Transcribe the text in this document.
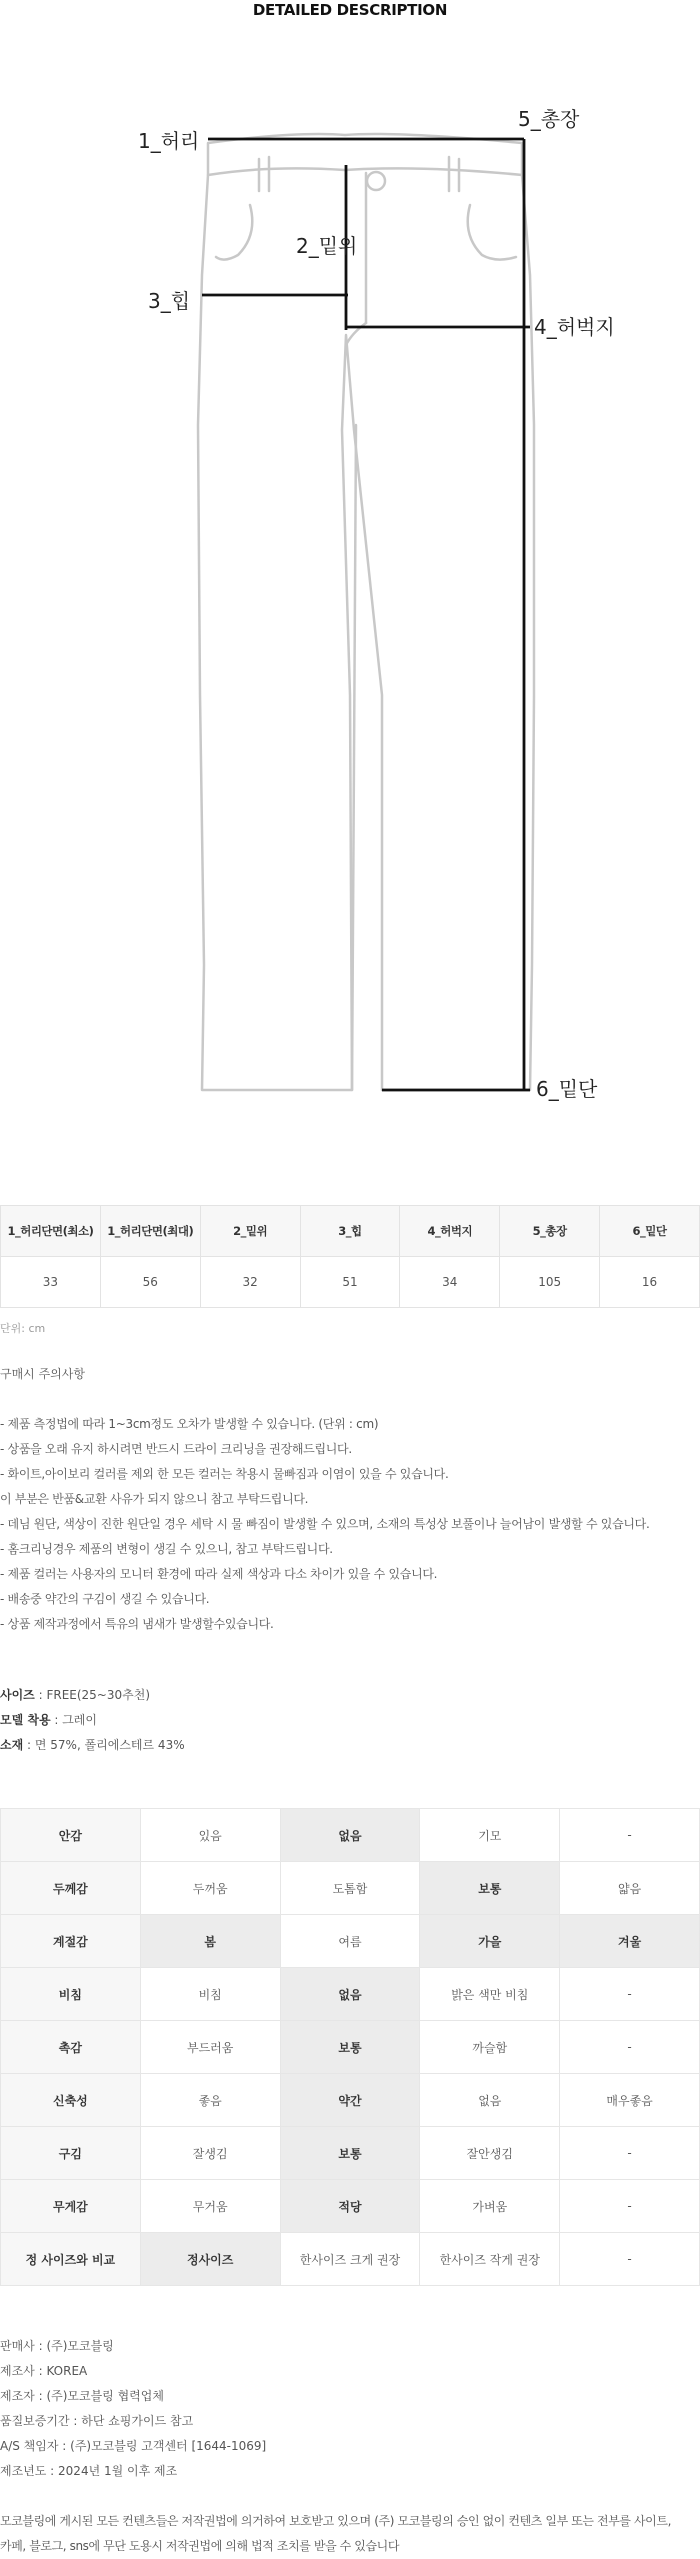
DETAILED DESCRIPTION
1_허리
5_총장
2_밑위
3_힙
4_허벅지
6_밑단
1_허리단면(최소)	1_허리단면(최대)	2_밑위	3_힙	4_허벅지	5_총장	6_밑단
33	56	32	51	34	105	16
단위: cm
구매시 주의사항
- 제품 측정법에 따라 1~3cm정도 오차가 발생할 수 있습니다. (단위 : cm)
- 상품을 오래 유지 하시려면 반드시 드라이 크리닝을 권장해드립니다.
- 화이트,아이보리 컬러를 제외 한 모든 컬러는 착용시 물빠짐과 이염이 있을 수 있습니다.
이 부분은 반품&교환 사유가 되지 않으니 참고 부탁드립니다.
- 데님 원단, 색상이 진한 원단일 경우 세탁 시 물 빠짐이 발생할 수 있으며, 소재의 특성상 보풀이나 늘어남이 발생할 수 있습니다.
- 홈크리닝경우 제품의 변형이 생길 수 있으니, 참고 부탁드립니다.
- 제품 컬러는 사용자의 모니터 환경에 따라 실제 색상과 다소 차이가 있을 수 있습니다.
- 배송중 약간의 구김이 생길 수 있습니다.
- 상품 제작과정에서 특유의 냄새가 발생할수있습니다.
사이즈 : FREE(25~30추천)
모델 착용 : 그레이
소재 : 면 57%, 폴리에스테르 43%
안감	있음	없음	기모	-
두께감	두꺼움	도톰함	보통	얇음
계절감	봄	여름	가을	겨울
비침	비침	없음	밝은 색만 비침	-
촉감	부드러움	보통	까슬함	-
신축성	좋음	약간	없음	매우좋음
구김	잘생김	보통	잘안생김	-
무게감	무거움	적당	가벼움	-
정 사이즈와 비교	정사이즈	한사이즈 크게 권장	한사이즈 작게 권장	-
판매사 : (주)모코블링
제조사 : KOREA
제조자 : (주)모코블링 협력업체
품질보증기간 : 하단 쇼핑가이드 참고
A/S 책임자 : (주)모코블링 고객센터 [1644-1069]
제조년도 : 2024년 1월 이후 제조
모코블링에 게시된 모든 컨텐츠들은 저작권법에 의거하여 보호받고 있으며 (주) 모코블링의 승인 없이 컨텐츠 일부 또는 전부를 사이트,
카페, 블로그, sns에 무단 도용시 저작권법에 의해 법적 조치를 받을 수 있습니다
